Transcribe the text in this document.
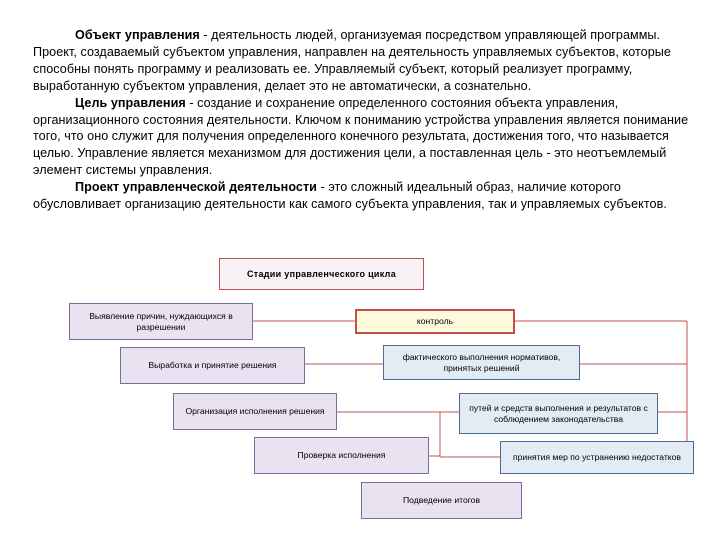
Объект управления - деятельность людей, организуемая посредством управляющей программы. Проект, создаваемый субъектом управления, направлен на деятельность управляемых субъектов, которые способны понять программу и реализовать ее. Управляемый субъект, который реализует программу, выработанную субъектом управления, делает это не автоматически, а сознательно.

Цель управления - создание и сохранение определенного состояния объекта управления, организационного состояния деятельности. Ключом к пониманию устройства управления является понимание того, что оно служит для получения определенного конечного результата, достижения того, что называется целью. Управление является механизмом для достижения цели, а поставленная цель - это неотъемлемый элемент системы управления.

Проект управленческой деятельности - это сложный идеальный образ, наличие которого обусловливает организацию деятельности как самого субъекта управления, так и управляемых субъектов.

Стадии управленческого цикла
Выявление причин, нуждающихся в разрешении
контроль
Выработка и принятие решения
фактического выполнения нормативов, принятых решений
Организация исполнения решения	путей и средств выполнения и результатов с соблюдением законодательства
Проверка исполнения	принятия мер по устранению недостатков
Подведение итогов
